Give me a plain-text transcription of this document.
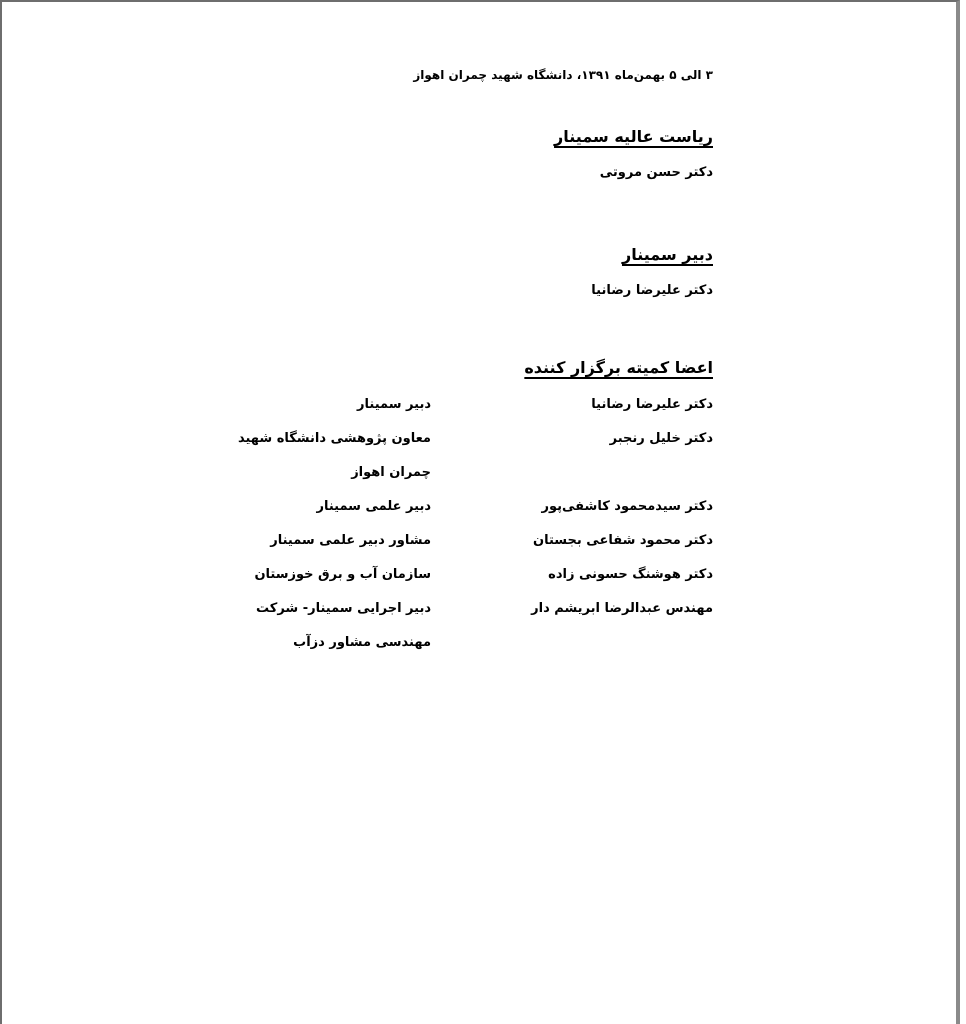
۳ الی ۵ بهمن‌ماه ۱۳۹۱، دانشگاه شهید چمران اهواز
ریاست عالیه سمینار
دکتر حسن مروتی
دبیر سمینار
دکتر علیرضا رضانیا
اعضا کمیته برگزار کننده
دکتر علیرضا رضانیا
دبیر سمینار
دکتر خلیل رنجبر
معاون پژوهشی دانشگاه شهید
چمران اهواز
دکتر سیدمحمود کاشفی‌پور
دبیر علمی سمینار
دکتر محمود شفاعی بجستان
مشاور دبیر علمی سمینار
دکتر هوشنگ حسونی زاده
سازمان آب و برق خوزستان
مهندس عبدالرضا ابریشم دار
دبیر اجرایی سمینار- شرکت
مهندسی مشاور دزآب
